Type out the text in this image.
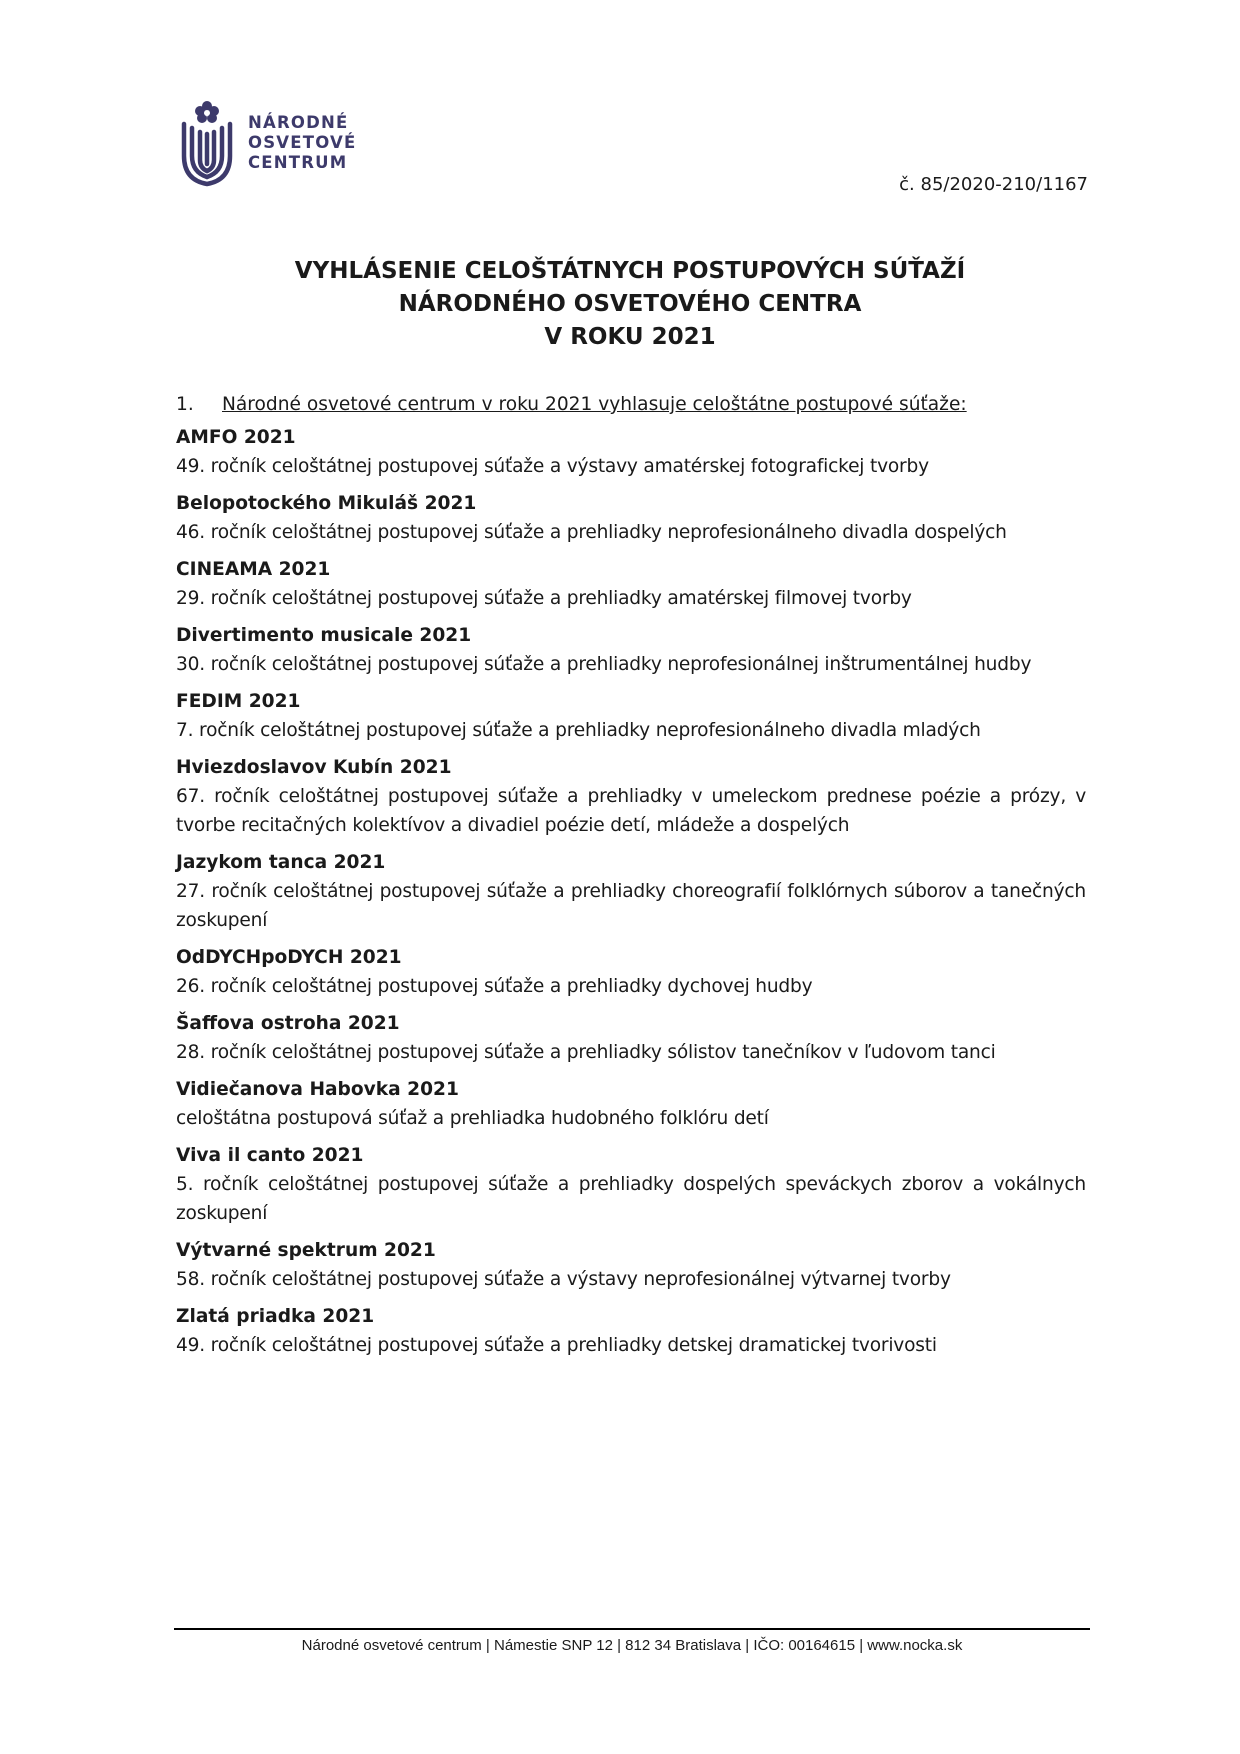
NÁRODNÉ
OSVETOVÉ
CENTRUM
č. 85/2020-210/1167
VYHLÁSENIE CELOŠTÁTNYCH POSTUPOVÝCH SÚŤAŽÍ
NÁRODNÉHO OSVETOVÉHO CENTRA
V ROKU 2021
1.	Národné osvetové centrum v roku 2021 vyhlasuje celoštátne postupové súťaže:
AMFO 2021
49. ročník celoštátnej postupovej súťaže a výstavy amatérskej fotografickej tvorby
Belopotockého Mikuláš 2021
46. ročník celoštátnej postupovej súťaže a prehliadky neprofesionálneho divadla dospelých
CINEAMA 2021
29. ročník celoštátnej postupovej súťaže a prehliadky amatérskej filmovej tvorby
Divertimento musicale 2021
30. ročník celoštátnej postupovej súťaže a prehliadky neprofesionálnej inštrumentálnej hudby
FEDIM 2021
7. ročník celoštátnej postupovej súťaže a prehliadky neprofesionálneho divadla mladých
Hviezdoslavov Kubín 2021
67. ročník celoštátnej postupovej súťaže a prehliadky v umeleckom prednese poézie a prózy, v tvorbe recitačných kolektívov a divadiel poézie detí, mládeže a dospelých
Jazykom tanca 2021
27. ročník celoštátnej postupovej súťaže a prehliadky choreografií folklórnych súborov a tanečných zoskupení
OdDYCHpoDYCH 2021
26. ročník celoštátnej postupovej súťaže a prehliadky dychovej hudby
Šaffova ostroha 2021
28. ročník celoštátnej postupovej súťaže a prehliadky sólistov tanečníkov v ľudovom tanci
Vidiečanova Habovka 2021
celoštátna postupová súťaž a prehliadka hudobného folklóru detí
Viva il canto 2021
5. ročník celoštátnej postupovej súťaže a prehliadky dospelých speváckych zborov a vokálnych zoskupení
Výtvarné spektrum 2021
58. ročník celoštátnej postupovej súťaže a výstavy neprofesionálnej výtvarnej tvorby
Zlatá priadka 2021
49. ročník celoštátnej postupovej súťaže a prehliadky detskej dramatickej tvorivosti
Národné osvetové centrum | Námestie SNP 12 | 812 34 Bratislava | IČO: 00164615 | www.nocka.sk
